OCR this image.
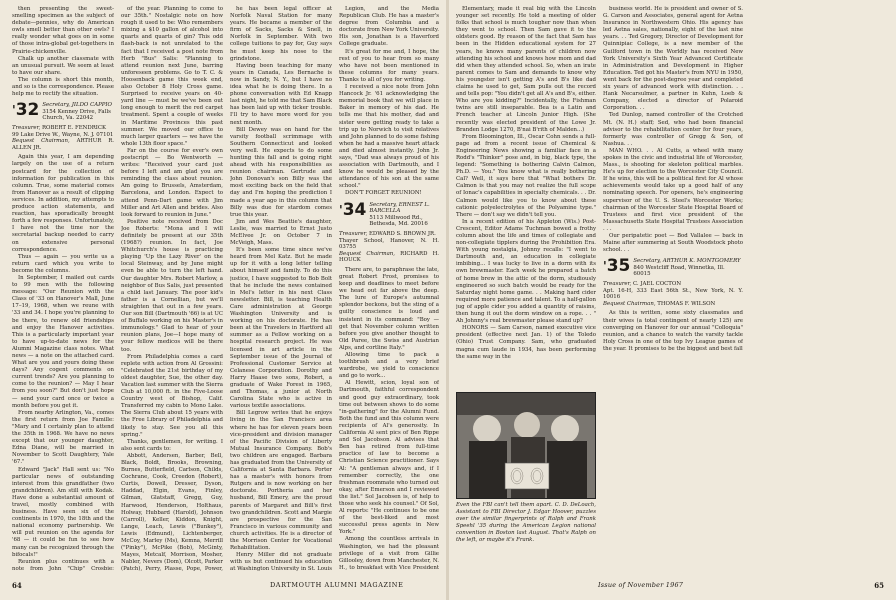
then presenting the sweet-smelling specimen as the subject of debate—pennies, why do American owls smell better than other owls? I really wonder what goes on in some of those intra-global get-togethers in Prairie-chickenville.

Chalk up another classmate with an unusual pursuit. We seem at least to have our share.

The column is short this month, and so is the correspondence. Please help me to rectify the situation.

'32 Secretary, JILDO CAPPIO
3154 Kenney Drive, Falls Church, Va. 22042
Treasurer, ROBERT E. FENDRICK
99 Lake Drive W., Wayne, N. J. 07101
Bequest Chairman, ARTHUR R. ALLEN JR.

Again this year, I am depending largely on the use of a return postcard for the collection of information for publication in this column. True, some material comes from Hanover as a result of clipping services. In addition, my attempts to produce action statements, and reaction, has sporadically brought forth a few responses. Unfortunately, I have not the time nor the secretarial backup needed to carry on extensive personal correspondence.

Thus — again — you write us a return card which you write to become the columns.

In September, I mailed out cards to 99 men with the following message: "Our Reunion with the Class of '33 on Hanover's Mall, June 17–19, 1968, when we reune with '33 and 34. I hope you're planning to be there, to renew old friendships and enjoy the Hanover activities. This is a particularly important year to have up-to-date news for the Alumni Magazine class notes. What news — a note on the attached card. What are you and yours doing these days? Any cogent comments on current trends? Are you planning to come to the reunion? — May I hear from you soon?" But don't just hope — send your card once or twice a month before you get it.

From nearby Arlington, Va., comes the first return from Joe Famille: "Mary and I certainly plan to attend the 35th in 1968. We have no news except that our younger daughter, Edna Diane, will be married in November to Scott Daughtery, Yale '67."

Edward "Jack" Hall sent us: "No particular news of outstanding interest from this grandfather (two grandchildren). Am still with Kodak. Have done a substantial amount of travel, mostly combined with business. Have seen six of the continents in 1970, the 18th and the national economy partnership. We will put reunion on the agenda for '68 — it could be fun to see how many can be recognized through the bifocals!"

Reunion plus continues with a note from John "Chip" Crosbie:

of the year. Planning to come to our 35th." Nostalgic note on how rough it used to be: Who remembers mixing a $10 gallon of alcohol into quarts and quarts of gin? This odd flash-back is not unrelated to the fact that I received a post note from Herb "Bus" Salis: "Planning to attend reunion next June, barring unforeseen problems. Go to T. C. & Hoosenback game this week end, also October 8 Holy Cross game. Surprised to receive years on 40-yard line — must be we've been out long enough to merit the red carpet treatment. Spent a couple of weeks in Maritime Provinces this past summer. We moved our office to much larger quarters — we have the whole 13th floor space."

Far on the course for ever's own postscript — Bo Wentworth — writes: "Received your card just before I left and am glad you are reminding the class about reunion. Am going to Brussels, Amsterdam, Barcelona, and London. Expect to attend Penn-Dart game with Jim Miller and Art Allen and brides. Also look forward to reunion in June."

Positive note received from Doc Joe Roberts: "Mona and I will definitely be present at our 35th (1968?) reunion. In fact, Joe Whitchurch's house is practicing playing 'Up the Lazy River' on the local Steinway, and by June might even be able to turn the left hand. Our daughter Mrs. Robert Marlow, a neighbor of Bus Salis, just presented a child last January. The poor kid's father is a Cornellian, but we'll straighten that out in a few years. Our son Bill (Dartmouth '66) is at UC of Buffalo working on his Master's in immunology." Glad to hear of your reunion plans, Joe—I hope many of your fellow medicos will be there too.

From Philadelphia comes a card replete with action from Al Grossini: "Celebrated the 21st birthday of my oldest daughter, Sue, the other day. Vacation last summer with the Sierra Club at 10,000 ft. in the Five-Loose Country west of Bishop, Calif. Transferred my cabin to Mono Lake. The Sierra Club about 15 years with the Free Library of Philadelphia and likely to stay. See you all this spring."

Thanks, gentlemen, for writing. I also sent cards to:

Abbott, Andersen, Barber, Bell, Black, Boldt, Brooks, Browning, Burnes, Butterfield, Carlson, Childs, Cochrane, Cook, Creedon (Robert), Curtis, Dowell, Dresser, Dyson, Haddad, Elgin, Evans, Finley, Gilman, Glatstaff, Gregg, Guy, Harwood, Henderson, Holthaus, Holway, Hubbard (Harold), Johnson (Carroll), Keller, Kiddon, Knight, Lange, Leach, Lewis ("Bunkey"), Lewis (Edmund), Lichtenberger, McCoy, Marley (Ms), Kemna, Merrill ("Pinky"), McPike (Bob), McGinty, Mayes, Metcalf, Morrison, Mosher, Nabler, Nevers (Dom), Olcott, Parker (Patch), Perry, Plasse, Pope, Power,

he has been legal officer at Norfolk Naval Station for many years. He became a member of the firm of Sacks, Sacks & Snell, in Norfolk in September. With two college tuitions to pay for, Guy says he must keep his nose to the grindstone.

Having been teaching for many years in Canada, Les Bernache is now in Sandy, N. Y., but I have no idea what he is doing there. In a phone conversation with Ed Knapp last night, he told me that Sam Black has been laid up with ticker trouble. I'll try to have more word for you next month.

Bill Dewey was on hand for the varsity football scrimmage with Southern Connecticut and looked very well. He expects to do some hunting this fall and is going right ahead with his responsibilities as reunion chairman. Gertrude and John Donovan's son Billy was the most exciting back on the field that day and I'm hoping the prediction I made a year ago in this column that Billy was due for stardom comes true this year.

Jim and Wes Beattie's daughter, Leslie, was married to Ernst Justo McElvee Jr. on October 7 in McVeigh, Mass.

It's been some time since we've heard from Mel Katz. But he made up for it with a long letter telling about himself and family. To do this justice, I have suggested to Bob Bolt that he include the news contained in Mel's letter in his next Class newsletter. Bill, is teaching Health Care administration at George Washington University and is working on his doctorate. He has been at the Travelers in Hartford all summer as a Fellow working on a hospital research project. He was licensed in art article in the September issue of the Journal of Professional Customer Service at Celanese Corporation. Dorothy and Harry Haase two sons, Robert, a graduate of Wake Forest in 1965, and Thomas, a junior at North Carolina State who is active in various textile associations.

Bill Legrow writes that he enjoys living in the San Francisco area where he has for eleven years been vice-president and division manager of the Pacific Division of Liberty Mutual Insurance Company. Bob's two children are engaged. Barbara has graduated from the University of California at Santa Barbara. Porter has a master's with honors from Rutgers and is now working on her doctorate. Portheria and her husband, Bill Emery, are the proud parents of Margaret and Bill's first two grandchildren. Scott and Margie are prospective for the San Francisco in various community and church activities. He is a director of the Morrison Center for Vocational Rehabilitation.

Henry Miller did not graduate with us but continued his education at Washington University in St. Louis

Legion, and the Media Republican Club. He has a master's degree from Columbia and a doctorate from New York University. His son, Jonathan is a Haverford College graduate.

It's great for me and, I hope, the rest of you to hear from so many who have not been mentioned in these columns for many years. Thanks to all of you for writing.

I received a nice note from John Hancock Jr. '61 acknowledging the memorial book that we will place in Baker in memory of his dad. He tells me that his mother, dad and sister were getting ready to take a trip up to Norwich to visit relatives and John planned to do some fishing when he had a massive heart attack and died almost instantly. John Jr. says, "Dad was always proud of his association with Dartmouth, and I know he would be pleased by the attendance of his son at the same school."

DON'T FORGET REUNION!

'34 Secretary, ERNEST L. BARCELLA
5113 Millwood Rd., Bethesda, Md. 20016
Treasurer, EDWARD S. BROWN JR.
Thayer School, Hanover, N. H. 03755
Bequest Chairman, RICHARD H. HOUCK

There are, to paraphrase the late, great Robert Frost, promises to keep and deadlines to meet before we head out far above the deep. The lure of Europe's autumnal splendor beckons, but the sting of a guilty conscience is loud and insistent in its command: "Boy — get that November column written before you give another thought to Old Paree, the Swiss and Austrian Alps, and cortline Italy."

Allowing time to pack a toothbrush and a very brief wardrobe, we yield to conscience and go to work...

Al Hewitt, scion, loyal son of Dartmouth, faithful correspondent and good guy extraordinary, took time out between shows to do some "in-gathering" for the Alumni Fund. Both the fund and this column were recipients of Al's generosity. In California Al sent pics of Ben Rippe and Sol Jacobson. Al advises that Ben has retired from full-time practice of law to become a Christian Science practitioner. Says Al: "A gentleman always and, if I remember correctly, the one freshman roommate who turned out okay, after Emerson and I reviewed the list." Sol Jacobsen is, of help to those who seek his counsel." Of Sol, Al reports: "He continues to be one of the best-liked and most successful press agents in New York."

Among the countless arrivals in Washington, we had the pleasant privilege of a visit from Gillie Gillooley, down from Manchester, N. H., to breakfast with Vice President

64	DARTMOUTH ALUMNI MAGAZINE

Elementary, made it real big with the Lincoln younger set recently. He told a meeting of older folks that school is much tougher now than when they went to school. Then Sam gave it to the oldsters good. By reason of the fact that Sam has been in the Hidden educational system for 27 years, he knows many parents of children now attending his school and knows how mom and dad did when they attended school. So, when an irate parent comes to Sam and demands to know why his youngster isn't getting A's and B's like dad claims he used to get, Sam pulls out the record and tells pop: "You didn't get all A's and B's, either. Who are you kidding?" Incidentally, the Fishman twins are still inseparable. Bea is a Latin and French teacher at Lincoln Junior High. (She recently was elected president of the Lowe Jr. Branden Lodge 1270, B'nai B'rith of Malden...)

From Bloomington, Ill., Oscar Cohn sends a full-page ad from a recent issue of Chemical & Engineering News showing a familiar face in a Rodd's "Thinker" pose and, in big, black type, the legend: "Something is bothering Calvin Calmon, Ph.D. — You." You know what is really bothering Cal? Well, it says here that "What bothers Dr. Calmon is that you may not realize the full scope of Ionac's capabilities in specialty chemicals. . . Dr. Calmon would like you to know about these cationic polyelectrolytes of the Polyamine type." There — don't say we didn't tell you.

In a recent edition of his Appleton (Wis.) Post-Crescent, Editor Adams Tuchman bowed a frothy column about the life and times of collegiate and non-collegiate tipplers during the Prohibition Era. With young nostalgia, Johnny recalls: "I went to Dartmouth and, an education in collegiate imbibing... I was lucky to live in a dorm with its own brewmaster. Each week he prepared a batch of home brew in the attic of the dorm, studiously engineered so such batch would be ready for the Saturday night home game. . . Making hard cider required more patience and talent. To a half-gallon jug of apple cider you added a quantity of raisins, then hung it out the dorm window on a rope. . . " Ah Johnny's real brewmaster please stand up?

HONORS — Sam Carson, named executive vice president (effective next Jan. 1) of the Toledo (Ohio) Trust Company. Sam, who graduated magna cum laude in 1934, has been performing the same way in the

business world. He is president and owner of S. G. Carson and Associates, general agent for Aetna Insurance in Northwestern Ohio. His agency has led Aetna sales, nationally, eight of the last nine years. . . Ted Gregory, Director of Development for Quinnipiac College, is a new member of the Guilford town in the Worldly has received New York University's Sixth Year Advanced Certificate in Administration and Development in Higher Education. Ted got his Master's from NYU in 1950, went back for the post-degree year and completed six years of advanced work with distinction. . . Hank Necarsulmer, a partner in Kuhn, Loeb & Company, elected a director of Polaroid Corporation. . .

Ted Dunlop, named controller of the Crotched Mt. (N. H.) staff; Sed, who had been financial advisor to the rehabilitation center for four years, formerly was controller of Gregg & Son, of Nashua. . .

MAN WHO. . . Al Cutts, a wheel with many spokes in the civic and industrial life of Worcester, Mass., is shooting for skeleton political marbles. He's up for election to the Worcester City Council. If he wins, this will be a political first for Al whose achievements would take up a good half of any nominating speech. For openers, he's engineering supervisor of the U. S. Steel's Worcester Works; chairman of the Worcester State Hospital Board of Trustees and first vice president of the Massachusetts State Hospital Trustees Association . . .

Our peripatetic poet — Bod Vallalee — back in Maine after summering at South Woodstock photo school. . .

'35 Secretary, ARTHUR K. MONTGOMERY
840 Westcliff Road, Winnetka, Ill. 60015
Treasurer, C. JAEL COCTON
Apt. 16-H, 333 East 56th St., New York, N. Y. 10016
Bequest Chairman, THOMAS F. WILSON

As this is written, some sixty classmates and their wives (a total contingent of nearly 125) are converging on Hanover for our annual "Colloquia" reunion, and a chance to watch the varsity tackle Holy Cross in one of the top Ivy League games of the year. It promises to be the biggest and best fall

65
Issue of November 1967
Even the FBI can't tell them apart. C. D. DeLoach, Assistant to FBI Director J. Edgar Hoover, puzzles over the similar fingerprints of Ralph and Frank Speehl '35 during the American Legion national convention in Boston last August. That's Ralph on the left, or maybe it's Frank.
